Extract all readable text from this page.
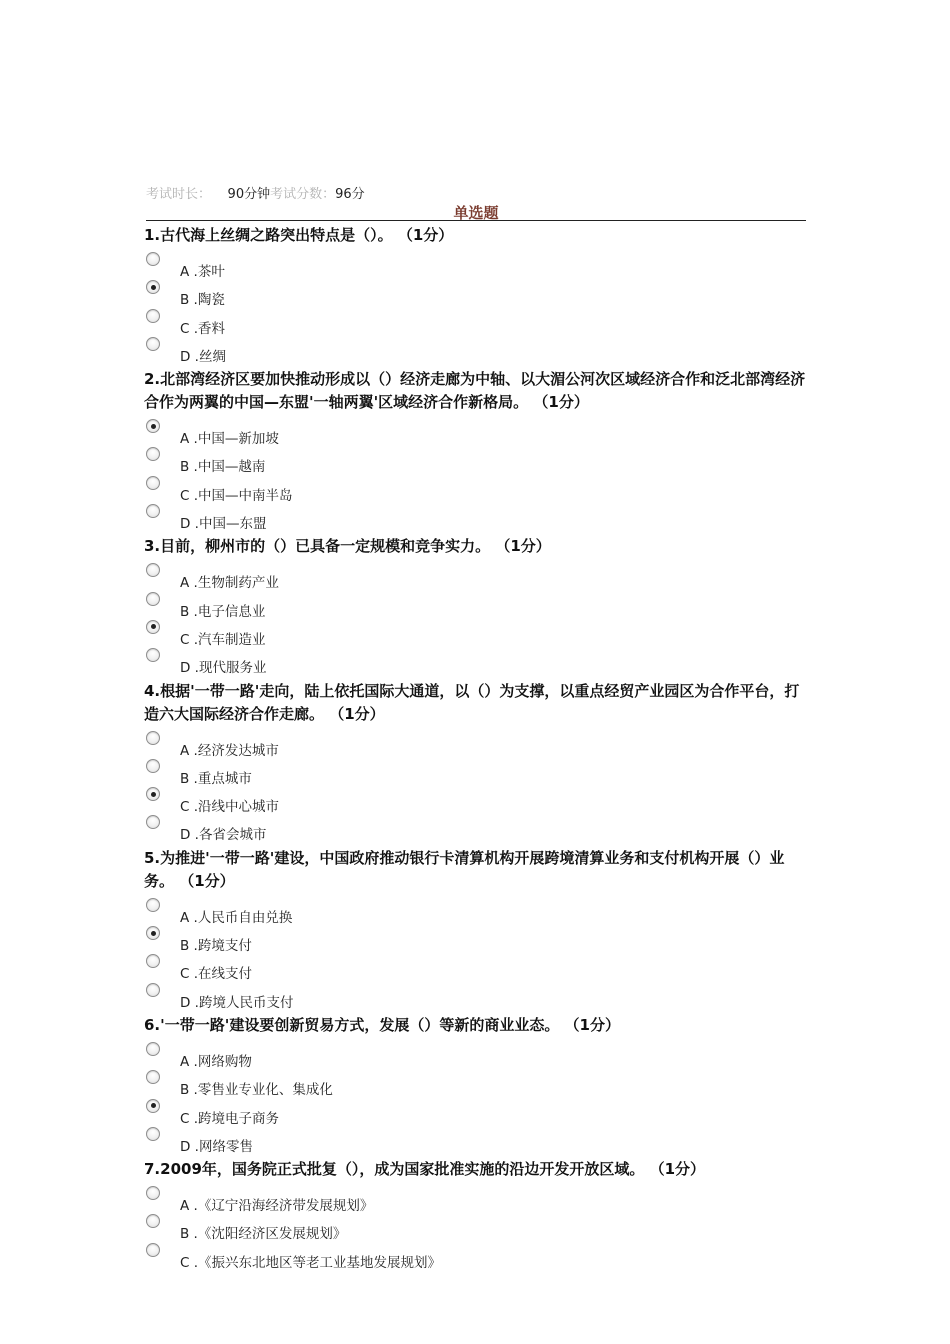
考试时长： 90分钟考试分数：96分
单选题

1.古代海上丝绸之路突出特点是（）。 （1分）

A .茶叶
B .陶瓷
C .香料
D .丝绸

2.北部湾经济区要加快推动形成以（）经济走廊为中轴、以大湄公河次区域经济合作和泛北部湾经济合作为两翼的中国—东盟'一轴两翼'区域经济合作新格局。 （1分）

A .中国—新加坡
B .中国—越南
C .中国—中南半岛
D .中国—东盟

3.目前，柳州市的（）已具备一定规模和竞争实力。 （1分）

A .生物制药产业
B .电子信息业
C .汽车制造业
D .现代服务业

4.根据'一带一路'走向，陆上依托国际大通道，以（）为支撑，以重点经贸产业园区为合作平台，打造六大国际经济合作走廊。 （1分）

A .经济发达城市
B .重点城市
C .沿线中心城市
D .各省会城市

5.为推进'一带一路'建设，中国政府推动银行卡清算机构开展跨境清算业务和支付机构开展（）业务。 （1分）

A .人民币自由兑换
B .跨境支付
C .在线支付
D .跨境人民币支付

6.'一带一路'建设要创新贸易方式，发展（）等新的商业业态。 （1分）

A .网络购物
B .零售业专业化、集成化
C .跨境电子商务
D .网络零售

7.2009年，国务院正式批复（），成为国家批准实施的沿边开发开放区域。 （1分）

A .《辽宁沿海经济带发展规划》
B .《沈阳经济区发展规划》
C .《振兴东北地区等老工业基地发展规划》
